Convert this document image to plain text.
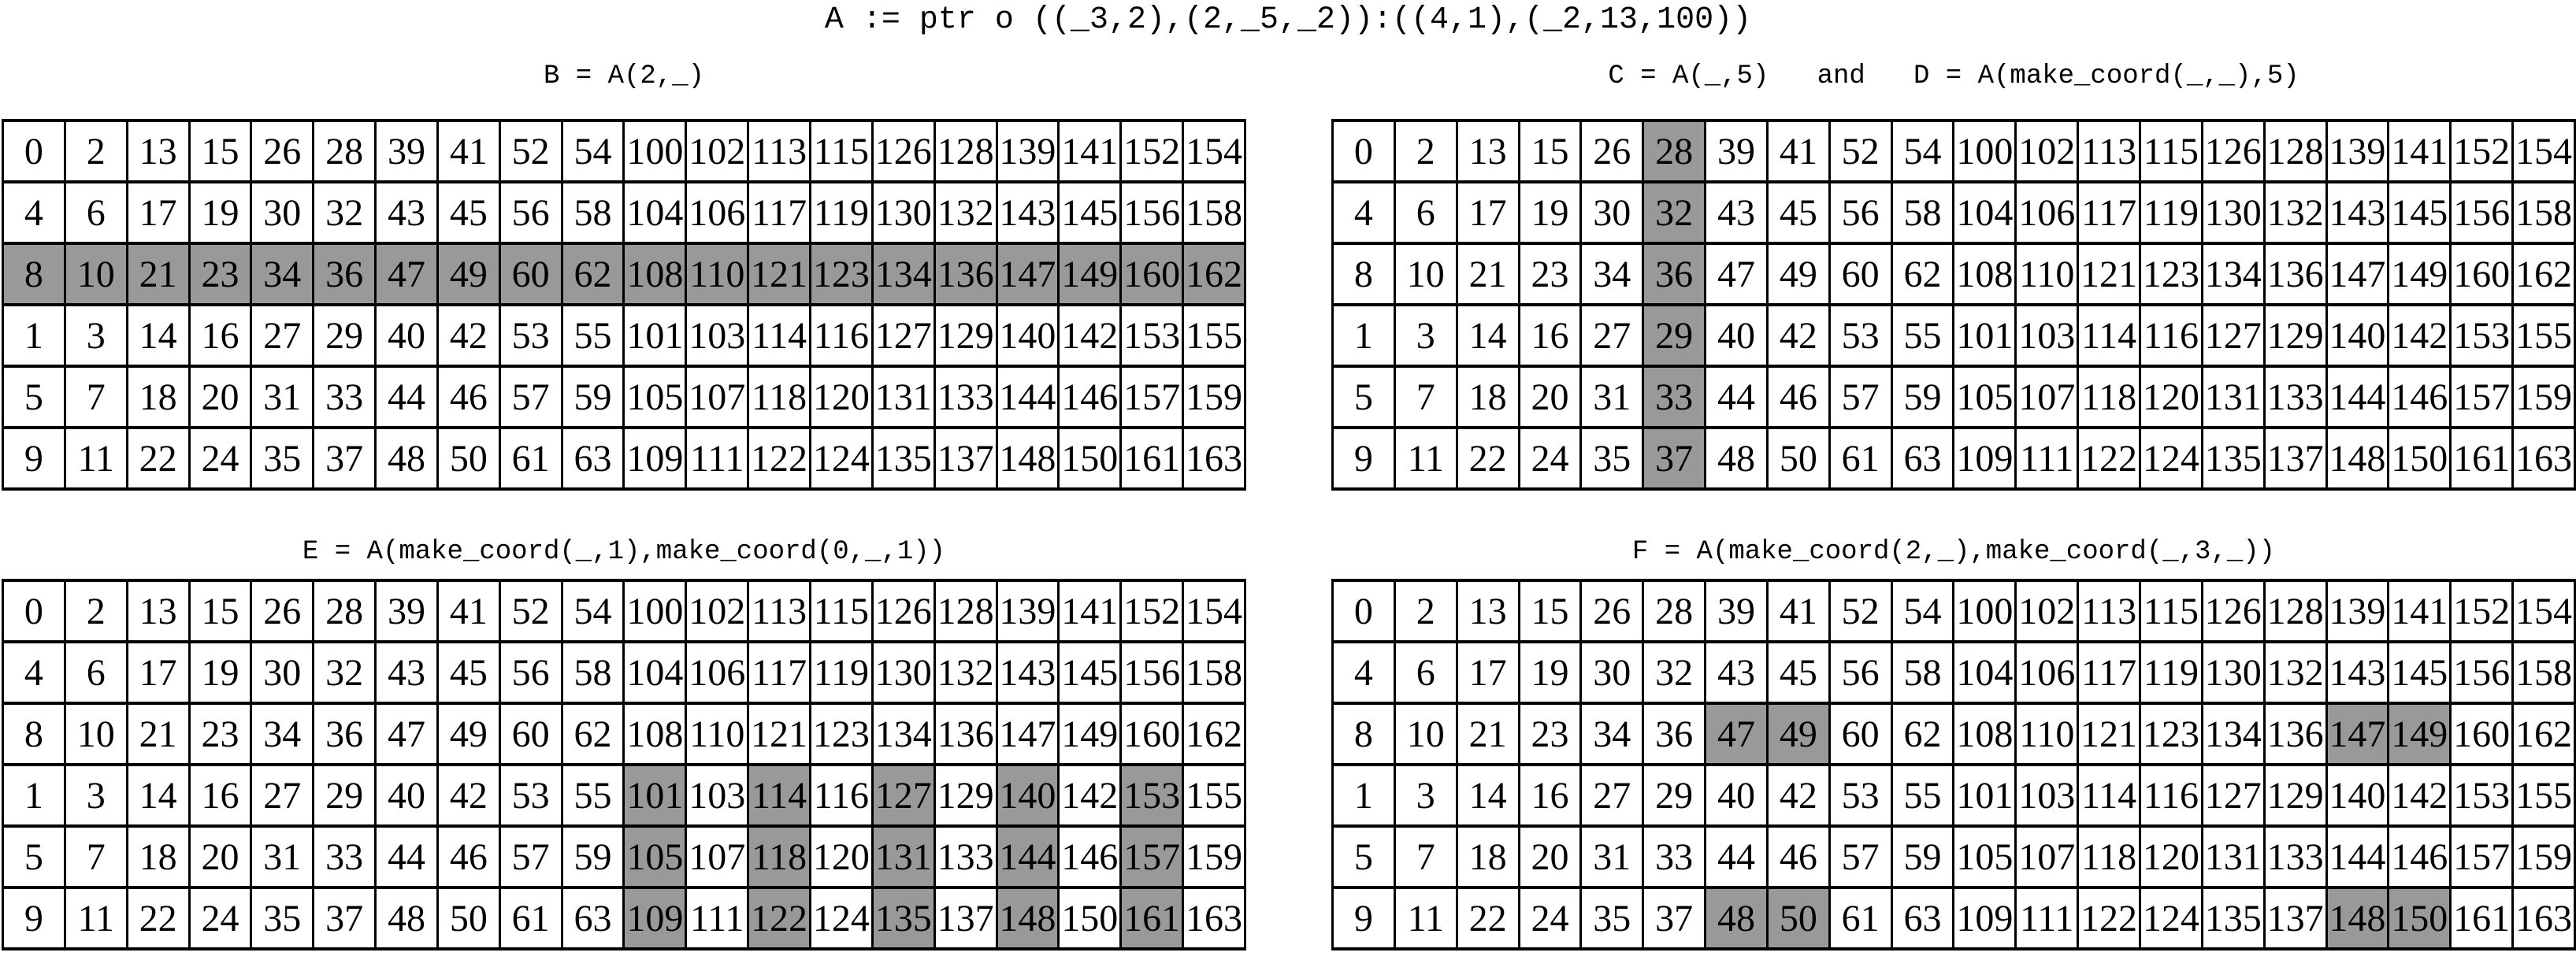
A := ptr o ((_3,2),(2,_5,_2)):((4,1),(_2,13,100))
B = A(2,_)	C = A(_,5)   and   D = A(make_coord(_,_),5)
E = A(make_coord(_,1),make_coord(0,_,1))	F = A(make_coord(2,_),make_coord(_,3,_))
0	2	13	15	26	28	39	41	52	54	100	102	113	115	126	128	139	141	152	154
4	6	17	19	30	32	43	45	56	58	104	106	117	119	130	132	143	145	156	158
8	10	21	23	34	36	47	49	60	62	108	110	121	123	134	136	147	149	160	162
1	3	14	16	27	29	40	42	53	55	101	103	114	116	127	129	140	142	153	155
5	7	18	20	31	33	44	46	57	59	105	107	118	120	131	133	144	146	157	159
9	11	22	24	35	37	48	50	61	63	109	111	122	124	135	137	148	150	161	163
0	2	13	15	26	28	39	41	52	54	100	102	113	115	126	128	139	141	152	154
4	6	17	19	30	32	43	45	56	58	104	106	117	119	130	132	143	145	156	158
8	10	21	23	34	36	47	49	60	62	108	110	121	123	134	136	147	149	160	162
1	3	14	16	27	29	40	42	53	55	101	103	114	116	127	129	140	142	153	155
5	7	18	20	31	33	44	46	57	59	105	107	118	120	131	133	144	146	157	159
9	11	22	24	35	37	48	50	61	63	109	111	122	124	135	137	148	150	161	163
0	2	13	15	26	28	39	41	52	54	100	102	113	115	126	128	139	141	152	154
4	6	17	19	30	32	43	45	56	58	104	106	117	119	130	132	143	145	156	158
8	10	21	23	34	36	47	49	60	62	108	110	121	123	134	136	147	149	160	162
1	3	14	16	27	29	40	42	53	55	101	103	114	116	127	129	140	142	153	155
5	7	18	20	31	33	44	46	57	59	105	107	118	120	131	133	144	146	157	159
9	11	22	24	35	37	48	50	61	63	109	111	122	124	135	137	148	150	161	163
0	2	13	15	26	28	39	41	52	54	100	102	113	115	126	128	139	141	152	154
4	6	17	19	30	32	43	45	56	58	104	106	117	119	130	132	143	145	156	158
8	10	21	23	34	36	47	49	60	62	108	110	121	123	134	136	147	149	160	162
1	3	14	16	27	29	40	42	53	55	101	103	114	116	127	129	140	142	153	155
5	7	18	20	31	33	44	46	57	59	105	107	118	120	131	133	144	146	157	159
9	11	22	24	35	37	48	50	61	63	109	111	122	124	135	137	148	150	161	163
